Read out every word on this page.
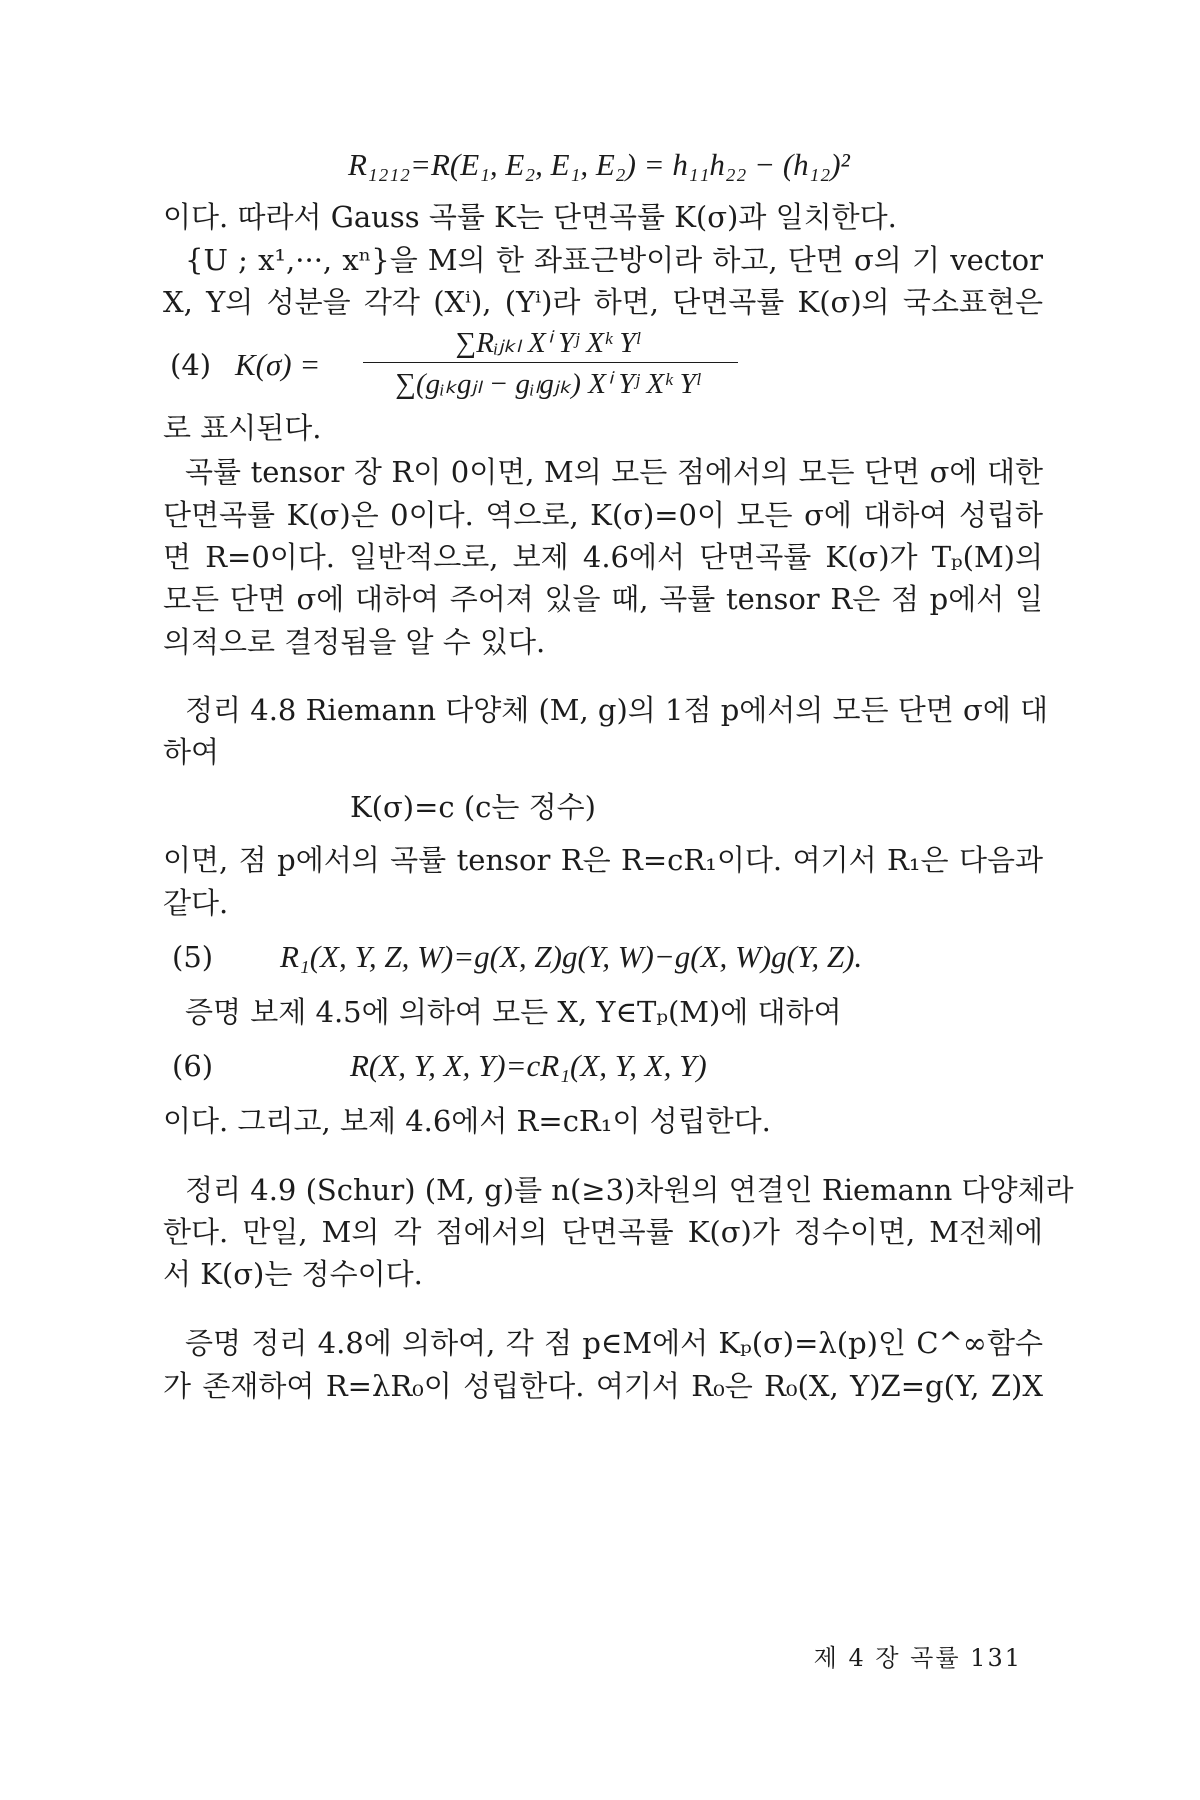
R₁₂₁₂=R(E₁, E₂, E₁, E₂) = h₁₁h₂₂ − (h₁₂)²
이다. 따라서 Gauss 곡률 K는 단면곡률 K(σ)과 일치한다.
{U ; x¹,···, xⁿ}을 M의 한 좌표근방이라 하고, 단면 σ의 기 vector
X, Y의 성분을 각각 (Xⁱ), (Yⁱ)라 하면, 단면곡률 K(σ)의 국소표현은
(4) K(σ) =
∑Rᵢⱼₖₗ Xⁱ Yʲ Xᵏ Yˡ
∑(gᵢₖgⱼₗ − gᵢₗgⱼₖ) Xⁱ Yʲ Xᵏ Yˡ
로 표시된다.
곡률 tensor 장 R이 0이면, M의 모든 점에서의 모든 단면 σ에 대한
단면곡률 K(σ)은 0이다. 역으로, K(σ)=0이 모든 σ에 대하여 성립하
면 R=0이다. 일반적으로, 보제 4.6에서 단면곡률 K(σ)가 Tₚ(M)의
모든 단면 σ에 대하여 주어져 있을 때, 곡률 tensor R은 점 p에서 일
의적으로 결정됨을 알 수 있다.
정리 4.8 Riemann 다양체 (M, g)의 1점 p에서의 모든 단면 σ에 대
하여
K(σ)=c (c는 정수)
이면, 점 p에서의 곡률 tensor R은 R=cR₁이다. 여기서 R₁은 다음과
같다.
(5) R₁(X, Y, Z, W)=g(X, Z)g(Y, W)−g(X, W)g(Y, Z).
증명 보제 4.5에 의하여 모든 X, Y∈Tₚ(M)에 대하여
(6)	R(X, Y, X, Y)=cR₁(X, Y, X, Y)
이다. 그리고, 보제 4.6에서 R=cR₁이 성립한다.
정리 4.9 (Schur) (M, g)를 n(≥3)차원의 연결인 Riemann 다양체라
한다. 만일, M의 각 점에서의 단면곡률 K(σ)가 정수이면, M전체에
서 K(σ)는 정수이다.
증명 정리 4.8에 의하여, 각 점 p∈M에서 Kₚ(σ)=λ(p)인 C^∞함수
가 존재하여 R=λR₀이 성립한다. 여기서 R₀은 R₀(X, Y)Z=g(Y, Z)X
제 4 장 곡률 131
